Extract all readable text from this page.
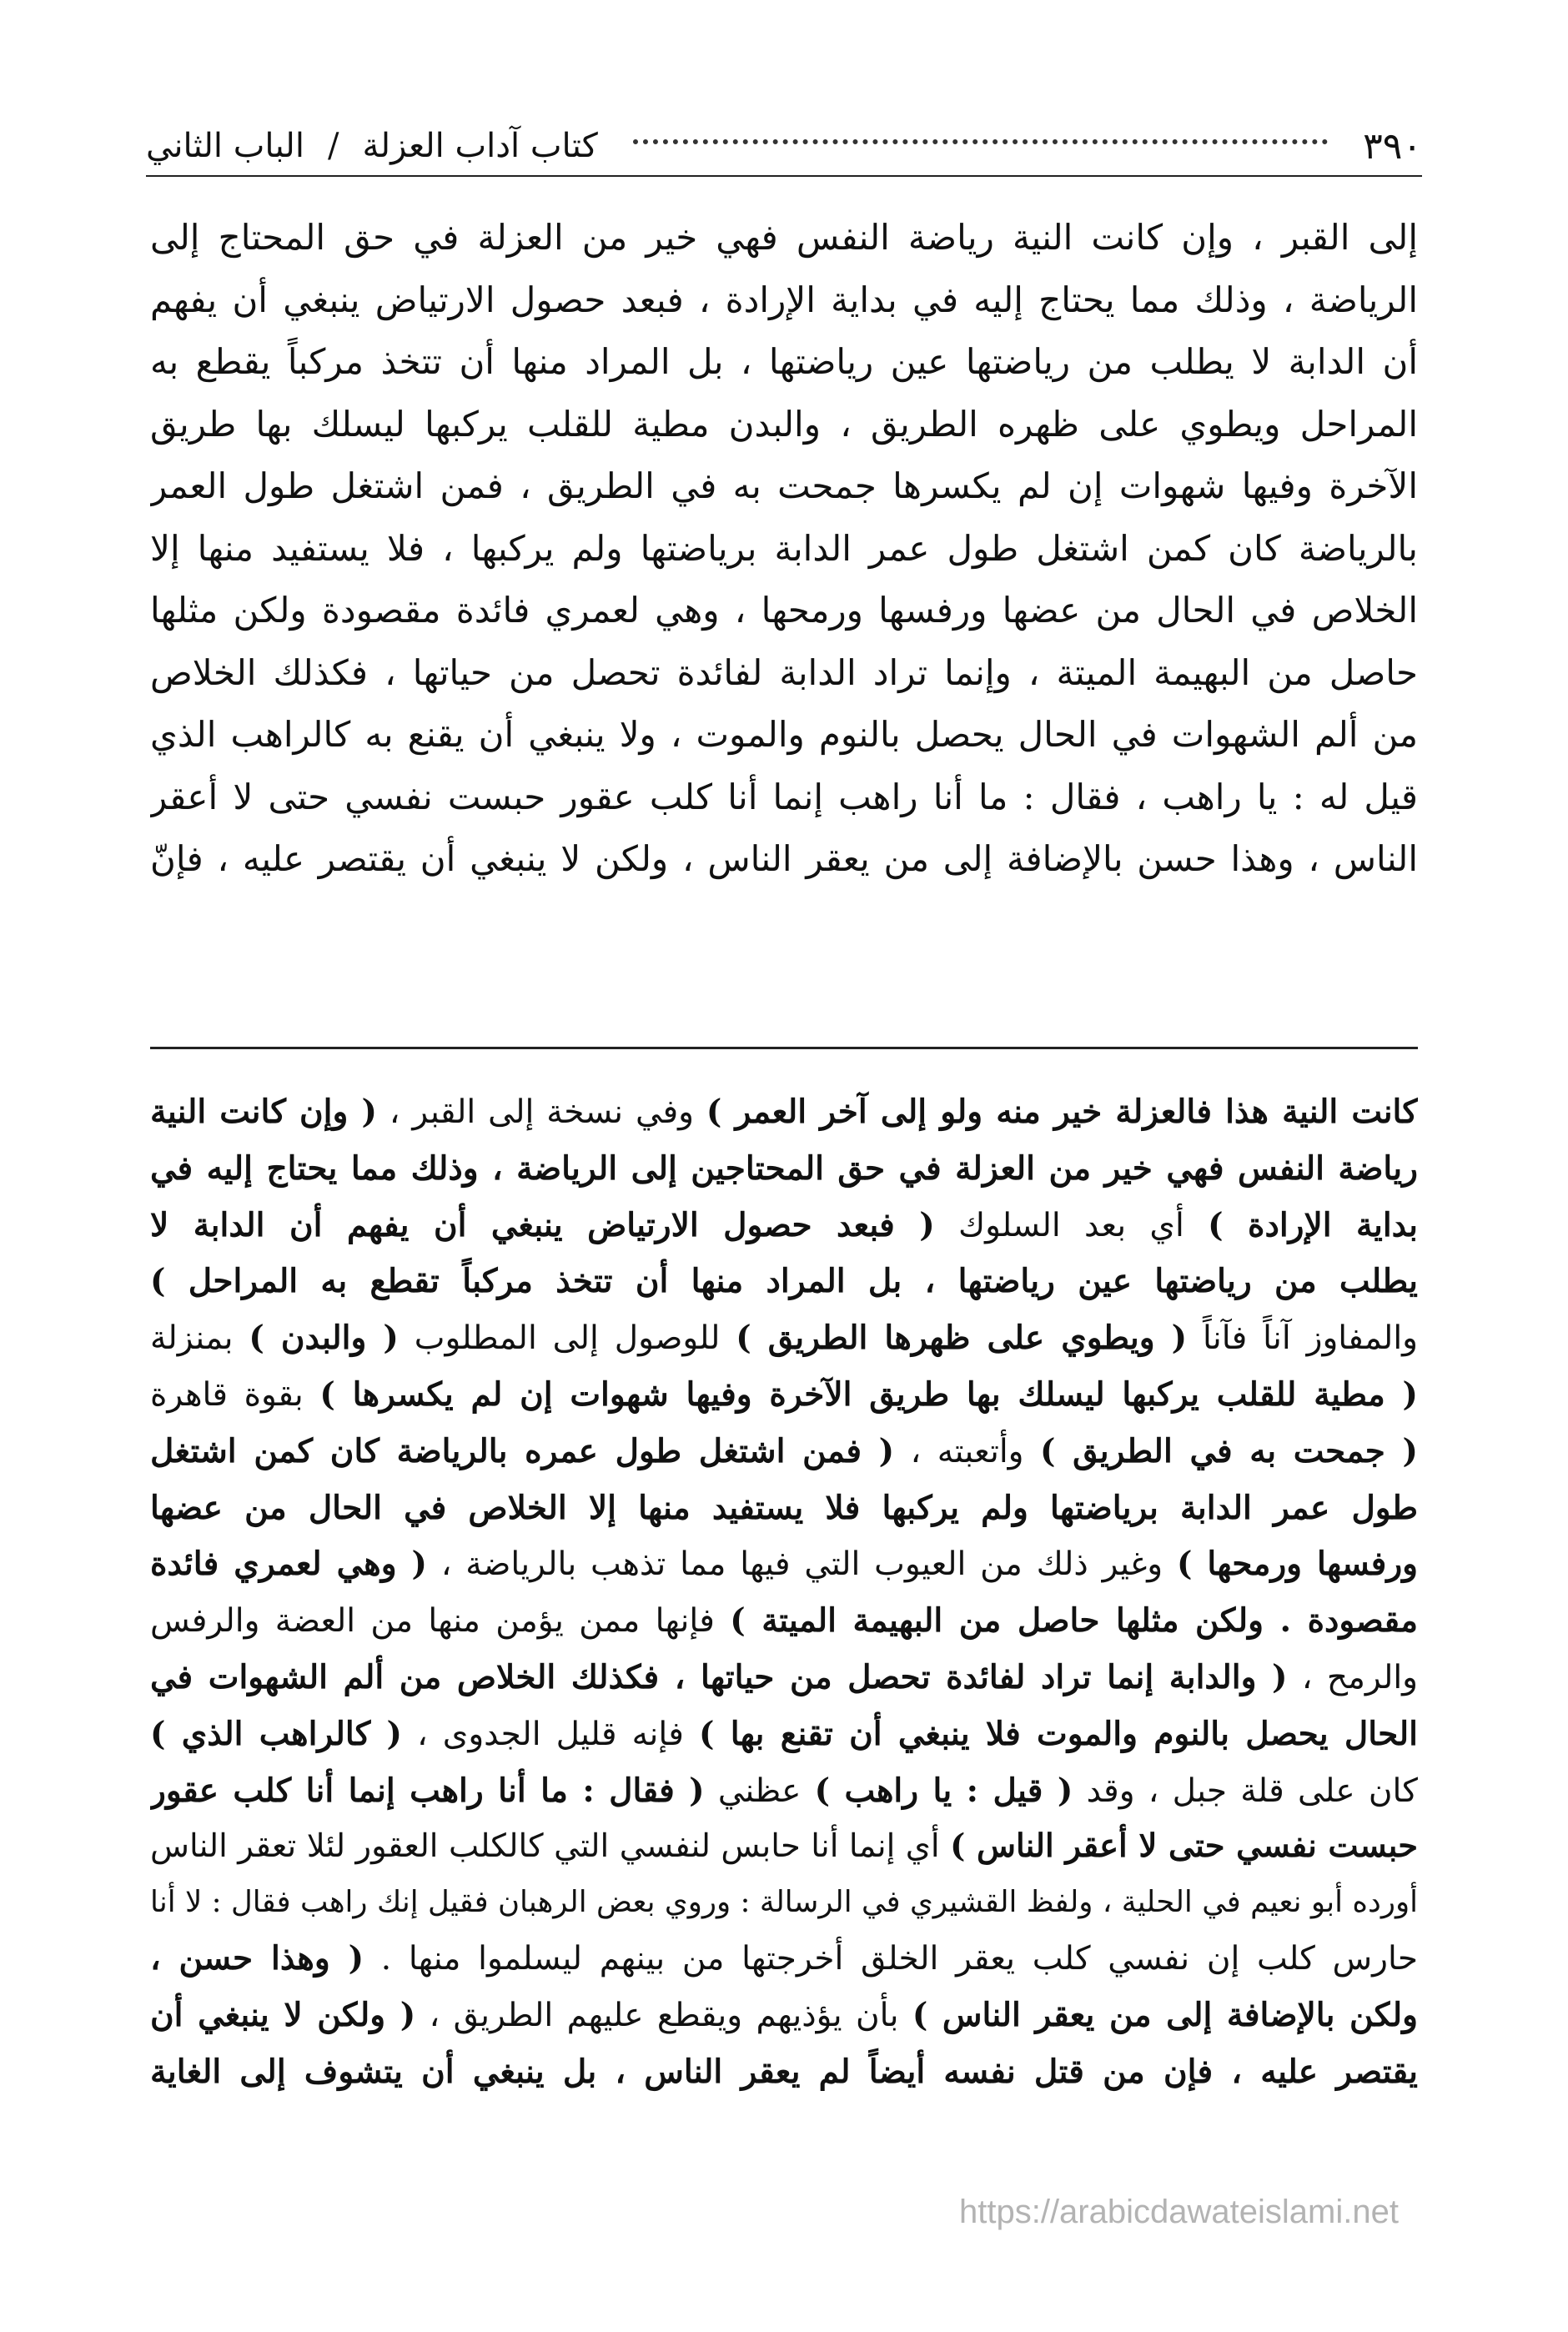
٣٩٠
كتاب آداب العزلة
/
الباب الثاني
إلى القبر ، وإن كانت النية رياضة النفس فهي خير من العزلة في حق المحتاج إلى
الرياضة ، وذلك مما يحتاج إليه في بداية الإرادة ، فبعد حصول الارتياض ينبغي أن يفهم
أن الدابة لا يطلب من رياضتها عين رياضتها ، بل المراد منها أن تتخذ مركباً يقطع به
المراحل ويطوي على ظهره الطريق ، والبدن مطية للقلب يركبها ليسلك بها طريق
الآخرة وفيها شهوات إن لم يكسرها جمحت به في الطريق ، فمن اشتغل طول العمر
بالرياضة كان كمن اشتغل طول عمر الدابة برياضتها ولم يركبها ، فلا يستفيد منها إلا
الخلاص في الحال من عضها ورفسها ورمحها ، وهي لعمري فائدة مقصودة ولكن مثلها
حاصل من البهيمة الميتة ، وإنما تراد الدابة لفائدة تحصل من حياتها ، فكذلك الخلاص
من ألم الشهوات في الحال يحصل بالنوم والموت ، ولا ينبغي أن يقنع به كالراهب الذي
قيل له : يا راهب ، فقال : ما أنا راهب إنما أنا كلب عقور حبست نفسي حتى لا أعقر
الناس ، وهذا حسن بالإضافة إلى من يعقر الناس ، ولكن لا ينبغي أن يقتصر عليه ، فإنّ
كانت النية هذا فالعزلة خير منه ولو إلى آخر العمر ) وفي نسخة إلى القبر ، ( وإن كانت النية
رياضة النفس فهي خير من العزلة في حق المحتاجين إلى الرياضة ، وذلك مما يحتاج إليه في
بداية الإرادة ) أي بعد السلوك ( فبعد حصول الارتياض ينبغي أن يفهم أن الدابة لا
يطلب من رياضتها عين رياضتها ، بل المراد منها أن تتخذ مركباً تقطع به المراحل )
والمفاوز آناً فآناً ( ويطوي على ظهرها الطريق ) للوصول إلى المطلوب ( والبدن ) بمنزلة
( مطية للقلب يركبها ليسلك بها طريق الآخرة وفيها شهوات إن لم يكسرها ) بقوة قاهرة
( جمحت به في الطريق ) وأتعبته ، ( فمن اشتغل طول عمره بالرياضة كان كمن اشتغل
طول عمر الدابة برياضتها ولم يركبها فلا يستفيد منها إلا الخلاص في الحال من عضها
ورفسها ورمحها ) وغير ذلك من العيوب التي فيها مما تذهب بالرياضة ، ( وهي لعمري فائدة
مقصودة . ولكن مثلها حاصل من البهيمة الميتة ) فإنها ممن يؤمن منها من العضة والرفس
والرمح ، ( والدابة إنما تراد لفائدة تحصل من حياتها ، فكذلك الخلاص من ألم الشهوات في
الحال يحصل بالنوم والموت فلا ينبغي أن تقنع بها ) فإنه قليل الجدوى ، ( كالراهب الذي )
كان على قلة جبل ، وقد ( قيل : يا راهب ) عظني ( فقال : ما أنا راهب إنما أنا كلب عقور
حبست نفسي حتى لا أعقر الناس ) أي إنما أنا حابس لنفسي التي كالكلب العقور لئلا تعقر الناس
أورده أبو نعيم في الحلية ، ولفظ القشيري في الرسالة : وروي بعض الرهبان فقيل إنك راهب فقال : لا أنا
حارس كلب إن نفسي كلب يعقر الخلق أخرجتها من بينهم ليسلموا منها . ( وهذا حسن ،
ولكن بالإضافة إلى من يعقر الناس ) بأن يؤذيهم ويقطع عليهم الطريق ، ( ولكن لا ينبغي أن
يقتصر عليه ، فإن من قتل نفسه أيضاً لم يعقر الناس ، بل ينبغي أن يتشوف إلى الغاية
https://arabicdawateislami.net
